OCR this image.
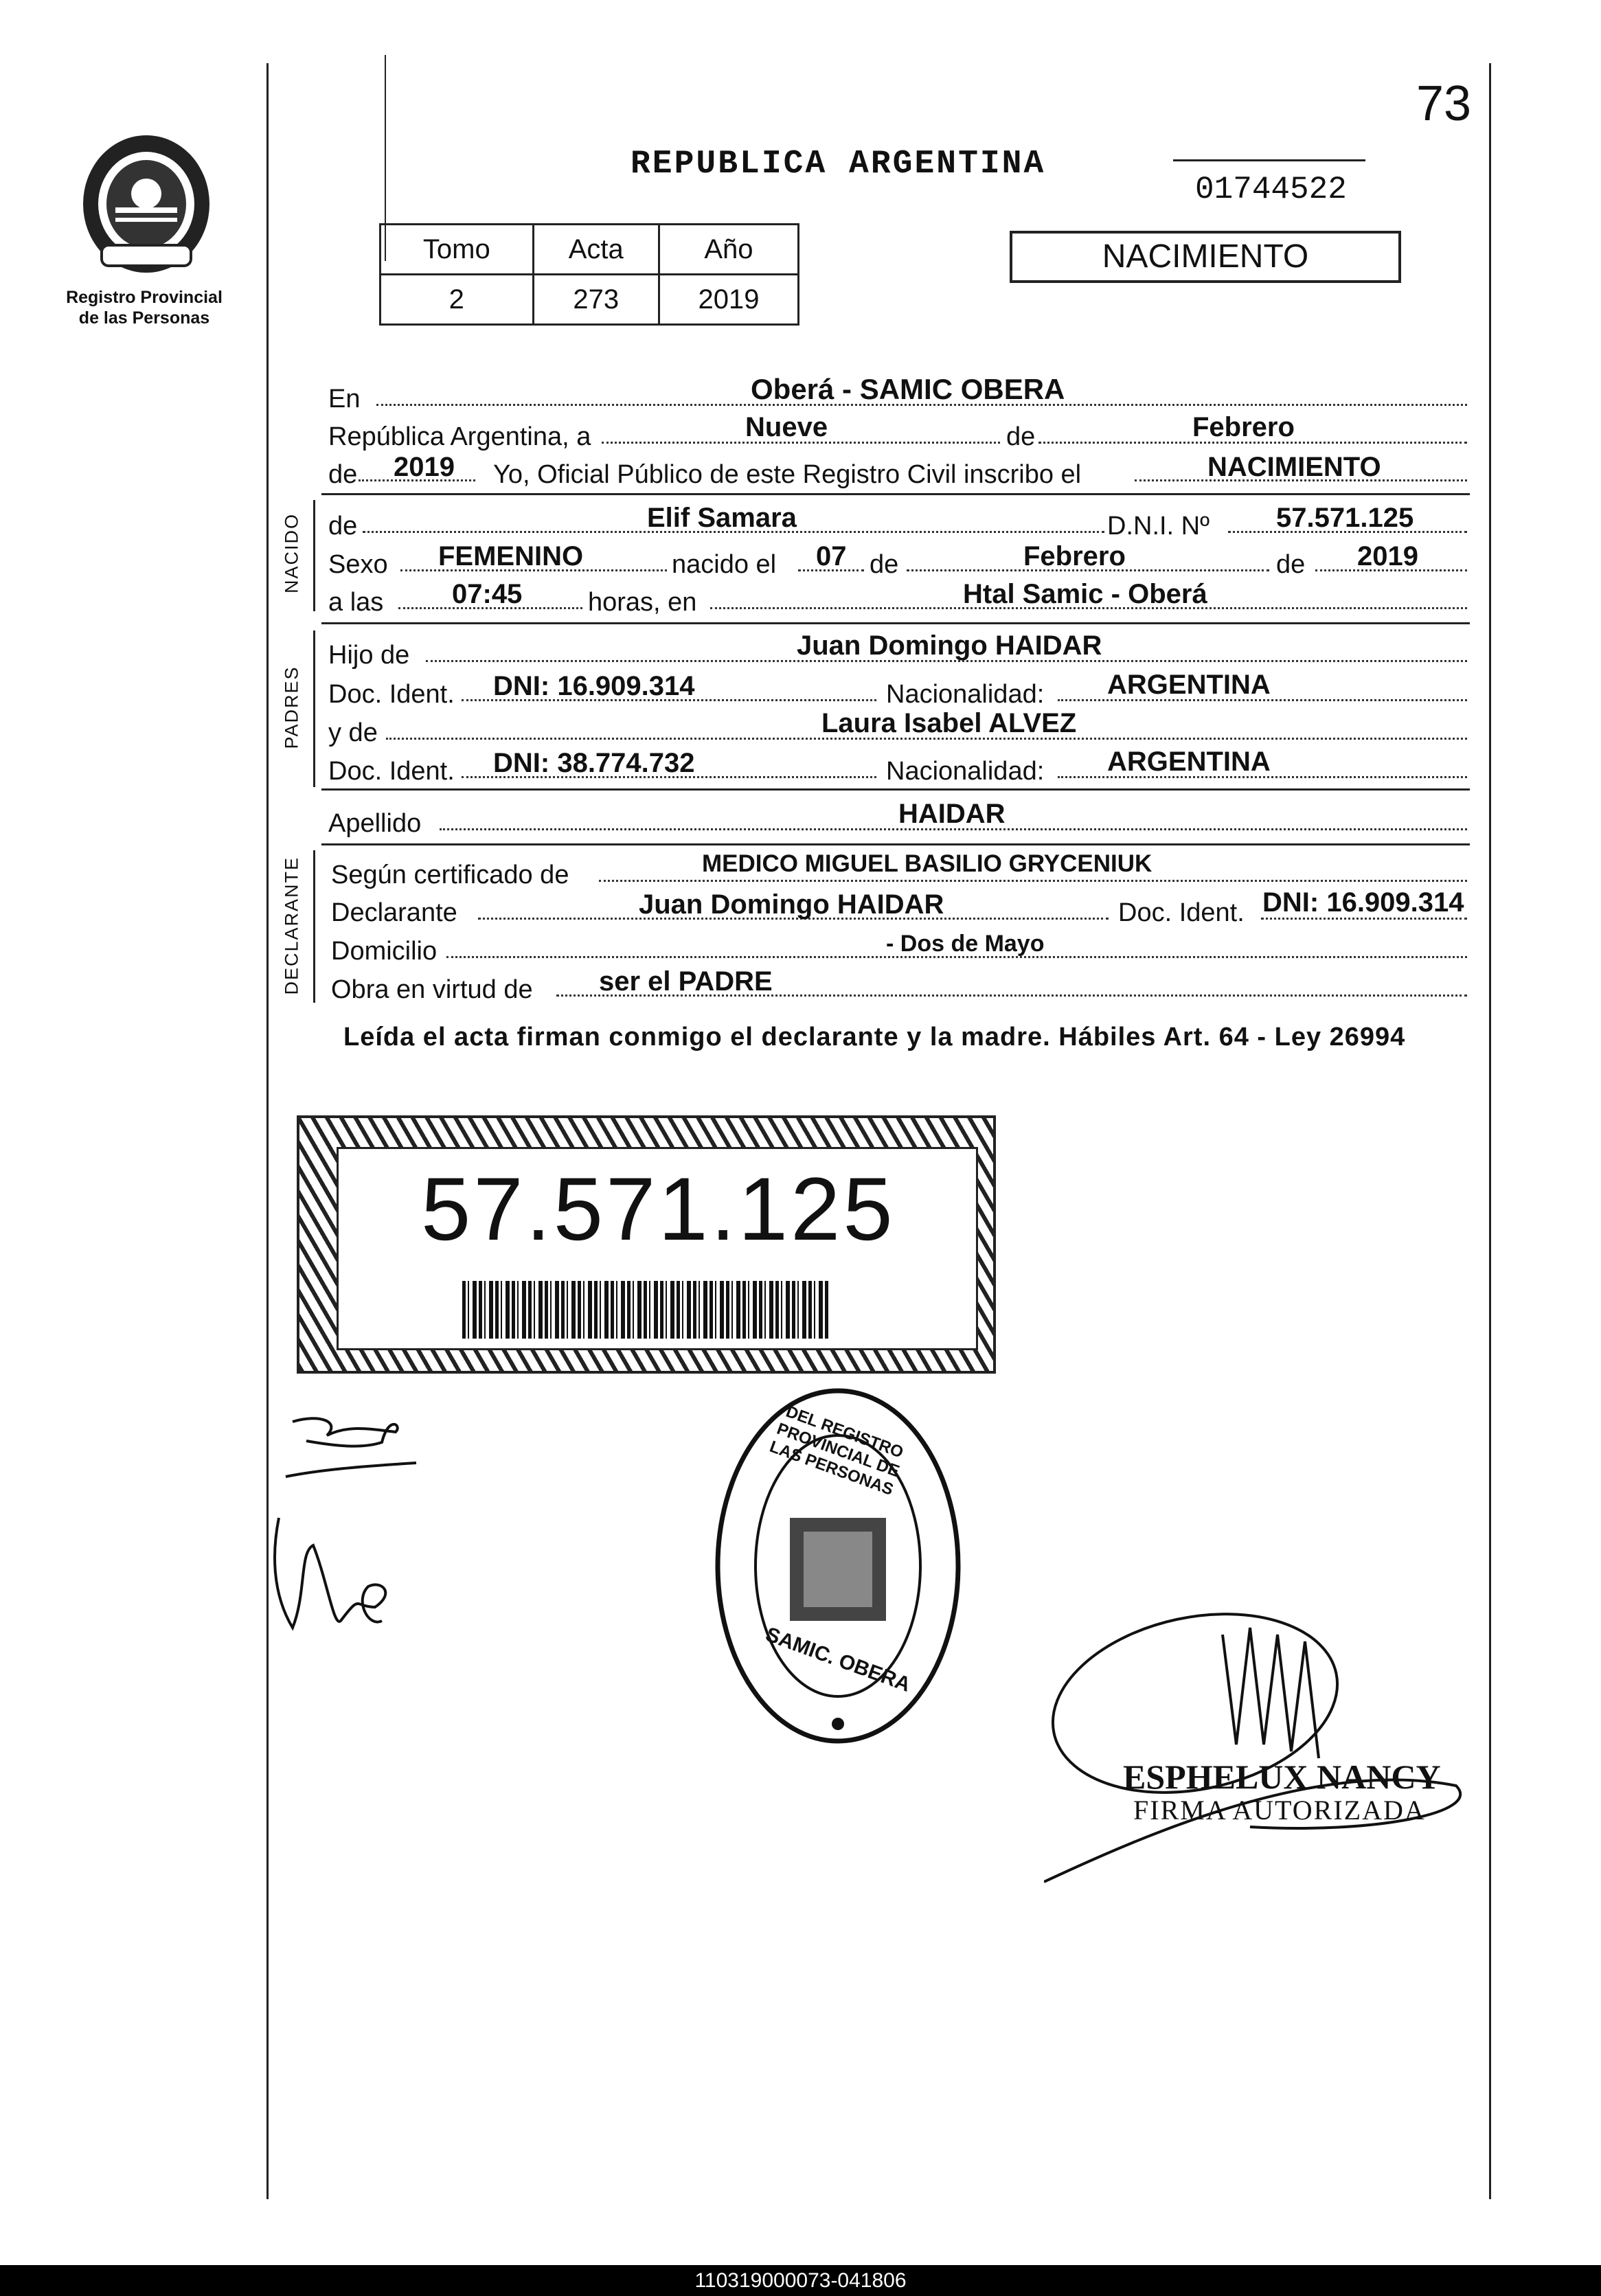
73
Registro Provincial
de las Personas
REPUBLICA ARGENTINA
01744522
Tomo	Acta	Año
2	273	2019
NACIMIENTO
En	Oberá - SAMIC OBERA
República Argentina, a	Nueve	de	Febrero
de 2019 Yo, Oficial Público de este Registro Civil inscribo el	NACIMIENTO
NACIDO de	Elif Samara	D.N.I. Nº 57.571.125
Sexo FEMENINO	nacido el 07 de	Febrero	de 2019
a las 07:45	horas, en	Htal Samic - Oberá
PADRES
Hijo de	Juan Domingo HAIDAR
Doc. Ident. DNI: 16.909.314	Nacionalidad: ARGENTINA
y de	Laura Isabel ALVEZ
Doc. Ident. DNI: 38.774.732	Nacionalidad: ARGENTINA
Apellido	HAIDAR
DECLARANTE Según certificado de	MEDICO MIGUEL BASILIO GRYCENIUK
Declarante	Juan Domingo HAIDAR	Doc. Ident. DNI: 16.909.314
Domicilio	- Dos de Mayo
Obra en virtud de ser el PADRE
Leída el acta firman conmigo el declarante y la madre. Hábiles Art. 64 - Ley 26994
57.571.125
DEL REGISTRO PROVINCIAL DE LAS PERSONAS
SAMIC. OBERA
ESPHELUX NANCY
FIRMA AUTORIZADA
110319000073-041806
